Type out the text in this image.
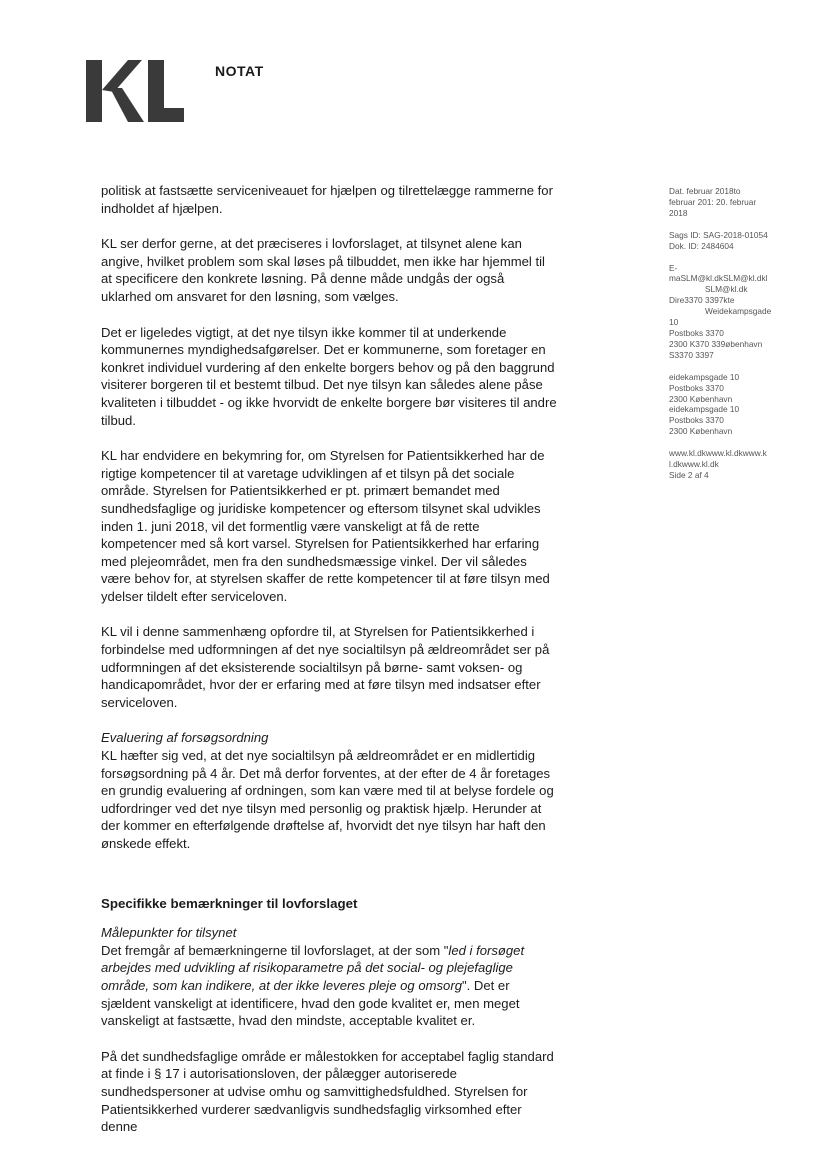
NOTAT
Dat. februar 2018to
februar 201: 20. februar
2018
Sags ID: SAG-2018-01054
Dok. ID: 2484604
E-
maSLM@kl.dkSLM@kl.dkl
SLM@kl.dk
Dire3370 3397kte
Weidekampsgade
10
Postboks 3370
2300 K370 339øbenhavn
S3370 3397
eidekampsgade 10
Postboks 3370
2300 København
eidekampsgade 10
Postboks 3370
2300 København
www.kl.dkwww.kl.dkwww.k
l.dkwww.kl.dk
Side 2 af 4

politisk at fastsætte serviceniveauet for hjælpen og tilrettelægge rammerne for indholdet af hjælpen.

KL ser derfor gerne, at det præciseres i lovforslaget, at tilsynet alene kan angive, hvilket problem som skal løses på tilbuddet, men ikke har hjemmel til at specificere den konkrete løsning. På denne måde undgås der også uklarhed om ansvaret for den løsning, som vælges.

Det er ligeledes vigtigt, at det nye tilsyn ikke kommer til at underkende kommunernes myndighedsafgørelser. Det er kommunerne, som foretager en konkret individuel vurdering af den enkelte borgers behov og på den baggrund visiterer borgeren til et bestemt tilbud. Det nye tilsyn kan således alene påse kvaliteten i tilbuddet - og ikke hvorvidt de enkelte borgere bør visiteres til andre tilbud.

KL har endvidere en bekymring for, om Styrelsen for Patientsikkerhed har de rigtige kompetencer til at varetage udviklingen af et tilsyn på det sociale område. Styrelsen for Patientsikkerhed er pt. primært bemandet med sundhedsfaglige og juridiske kompetencer og eftersom tilsynet skal udvikles inden 1. juni 2018, vil det formentlig være vanskeligt at få de rette kompetencer med så kort varsel. Styrelsen for Patientsikkerhed har erfaring med plejeområdet, men fra den sundhedsmæssige vinkel. Der vil således være behov for, at styrelsen skaffer de rette kompetencer til at føre tilsyn med ydelser tildelt efter serviceloven.

KL vil i denne sammenhæng opfordre til, at Styrelsen for Patientsikkerhed i forbindelse med udformningen af det nye socialtilsyn på ældreområdet ser på udformningen af det eksisterende socialtilsyn på børne- samt voksen- og handicapområdet, hvor der er erfaring med at føre tilsyn med indsatser efter serviceloven.

Evaluering af forsøgsordning

KL hæfter sig ved, at det nye socialtilsyn på ældreområdet er en midlertidig forsøgsordning på 4 år. Det må derfor forventes, at der efter de 4 år foretages en grundig evaluering af ordningen, som kan være med til at belyse fordele og udfordringer ved det nye tilsyn med personlig og praktisk hjælp. Herunder at der kommer en efterfølgende drøftelse af, hvorvidt det nye tilsyn har haft den ønskede effekt.

Specifikke bemærkninger til lovforslaget
Målepunkter for tilsynet

Det fremgår af bemærkningerne til lovforslaget, at der som "led i forsøget arbejdes med udvikling af risikoparametre på det social- og plejefaglige område, som kan indikere, at der ikke leveres pleje og omsorg". Det er sjældent vanskeligt at identificere, hvad den gode kvalitet er, men meget vanskeligt at fastsætte, hvad den mindste, acceptable kvalitet er.

På det sundhedsfaglige område er målestokken for acceptabel faglig standard at finde i § 17 i autorisationsloven, der pålægger autoriserede sundhedspersoner at udvise omhu og samvittighedsfuldhed. Styrelsen for Patientsikkerhed vurderer sædvanligvis sundhedsfaglig virksomhed efter denne
